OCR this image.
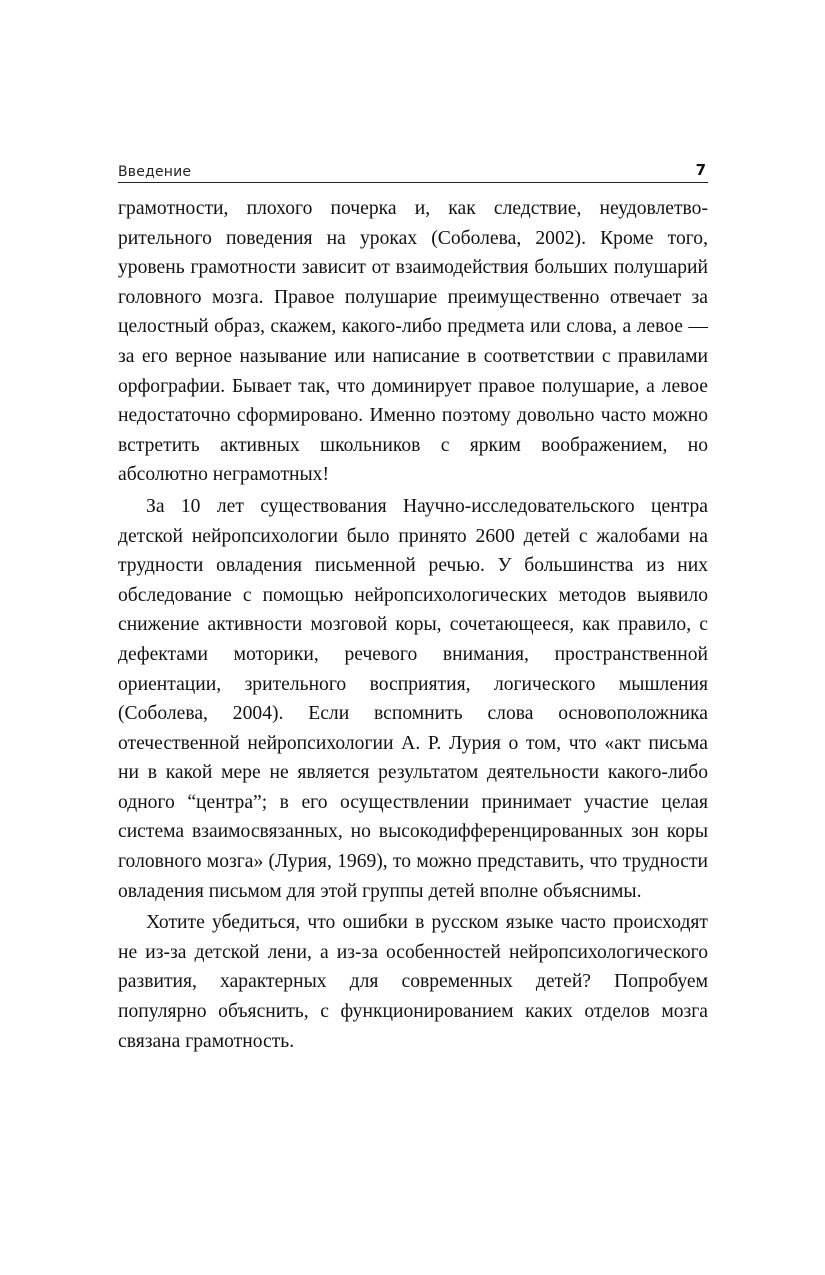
Введение	7

грамотности, плохого почерка и, как следствие, неудовлетворительного поведения на уроках (Соболева, 2002). Кроме того, уровень грамотности зависит от взаимодействия больших полушарий головного мозга. Правое полушарие преимущественно отвечает за целостный образ, скажем, какого-либо предмета или слова, а левое — за его верное называние или написание в соответствии с правилами орфографии. Бывает так, что доминирует правое полушарие, а левое недостаточно сформировано. Именно поэтому довольно часто можно встретить активных школьников с ярким воображением, но абсолютно неграмотных!

За 10 лет существования Научно-исследовательского центра детской нейропсихологии было принято 2600 детей с жалобами на трудности овладения письменной речью. У большинства из них обследование с помощью нейропсихологических методов выявило снижение активности мозговой коры, сочетающееся, как правило, с дефектами моторики, речевого внимания, пространственной ориентации, зрительного восприятия, логического мышления (Соболева, 2004). Если вспомнить слова основоположника отечественной нейропсихологии А. Р. Лурия о том, что «акт письма ни в какой мере не является результатом деятельности какого-либо одного “центра”; в его осуществлении принимает участие целая система взаимосвязанных, но высокодифференцированных зон коры головного мозга» (Лурия, 1969), то можно представить, что трудности овладения письмом для этой группы детей вполне объяснимы.

Хотите убедиться, что ошибки в русском языке часто происходят не из-за детской лени, а из-за особенностей нейропсихологического развития, характерных для современных детей? Попробуем популярно объяснить, с функционированием каких отделов мозга связана грамотность.
